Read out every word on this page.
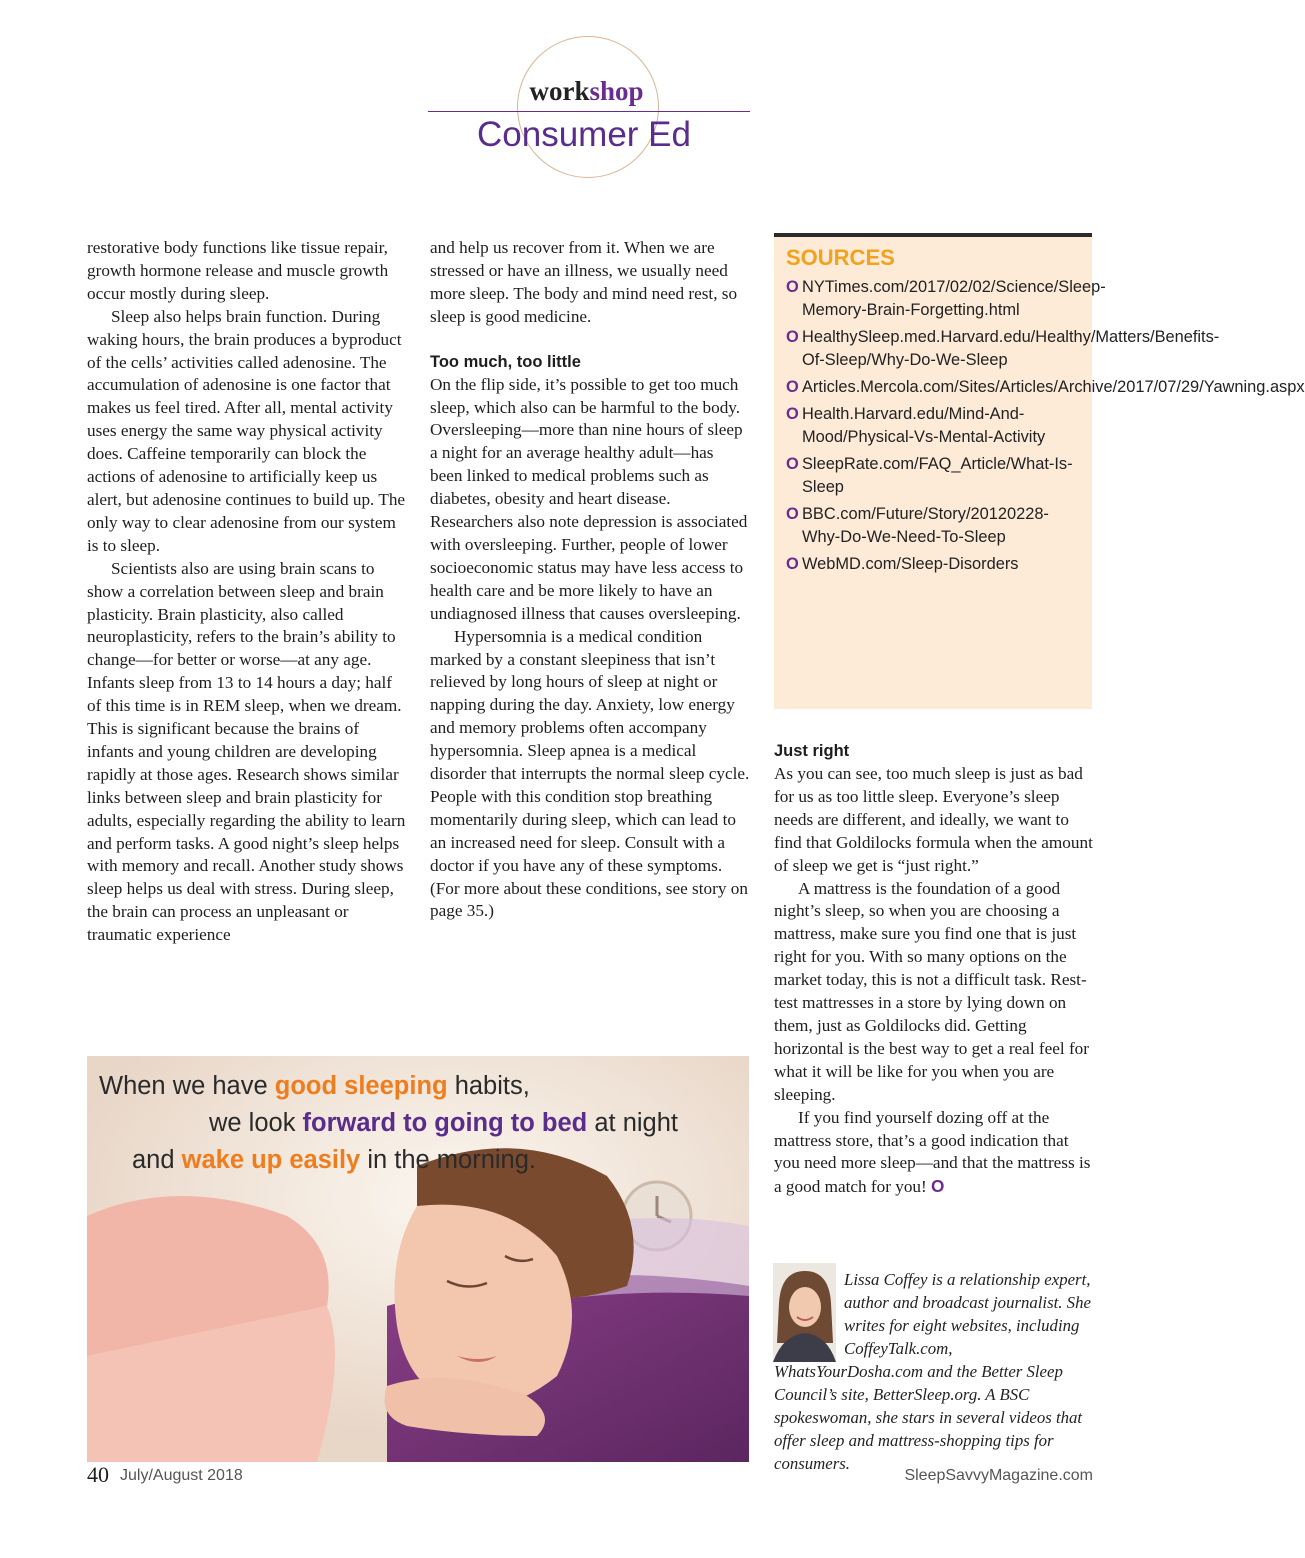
workshop
Consumer Ed

restorative body functions like tissue repair, growth hormone release and muscle growth occur mostly during sleep.

Sleep also helps brain function. During waking hours, the brain produces a byproduct of the cells’ activities called adenosine. The accumulation of adenosine is one factor that makes us feel tired. After all, mental activity uses energy the same way physical activity does. Caffeine temporarily can block the actions of adenosine to artificially keep us alert, but adenosine continues to build up. The only way to clear adenosine from our system is to sleep.

Scientists also are using brain scans to show a correlation between sleep and brain plasticity. Brain plasticity, also called neuroplasticity, refers to the brain’s ability to change—for better or worse—at any age. Infants sleep from 13 to 14 hours a day; half of this time is in REM sleep, when we dream. This is significant because the brains of infants and young children are developing rapidly at those ages. Research shows similar links between sleep and brain plasticity for adults, especially regarding the ability to learn and perform tasks. A good night’s sleep helps with memory and recall. Another study shows sleep helps us deal with stress. During sleep, the brain can process an unpleasant or traumatic experience

and help us recover from it. When we are stressed or have an illness, we usually need more sleep. The body and mind need rest, so sleep is good medicine.

Too much, too little

On the flip side, it’s possible to get too much sleep, which also can be harmful to the body. Oversleeping—more than nine hours of sleep a night for an average healthy adult—has been linked to medical problems such as diabetes, obesity and heart disease. Researchers also note depression is associated with oversleeping. Further, people of lower socioeconomic status may have less access to health care and be more likely to have an undiagnosed illness that causes oversleeping.

Hypersomnia is a medical condition marked by a constant sleepiness that isn’t relieved by long hours of sleep at night or napping during the day. Anxiety, low energy and memory problems often accompany hypersomnia. Sleep apnea is a medical disorder that interrupts the normal sleep cycle. People with this condition stop breathing momentarily during sleep, which can lead to an increased need for sleep. Consult with a doctor if you have any of these symptoms. (For more about these conditions, see story on page 35.)

SOURCES
O NYTimes.com/2017/02/02/Science/Sleep-Memory-Brain-Forgetting.html
O HealthySleep.med.Harvard.edu/Healthy/Matters/Benefits-Of-Sleep/Why-Do-We-Sleep
O Articles.Mercola.com/Sites/Articles/Archive/2017/07/29/Yawning.aspx
O Health.Harvard.edu/Mind-And-Mood/Physical-Vs-Mental-Activity
O SleepRate.com/FAQ_Article/What-Is-Sleep
O BBC.com/Future/Story/20120228-Why-Do-We-Need-To-Sleep
O WebMD.com/Sleep-Disorders
Just right

As you can see, too much sleep is just as bad for us as too little sleep. Everyone’s sleep needs are different, and ideally, we want to find that Goldilocks formula when the amount of sleep we get is “just right.”

A mattress is the foundation of a good night’s sleep, so when you are choosing a mattress, make sure you find one that is just right for you. With so many options on the market today, this is not a difficult task. Rest-test mattresses in a store by lying down on them, just as Goldilocks did. Getting horizontal is the best way to get a real feel for what it will be like for you when you are sleeping.

If you find yourself dozing off at the mattress store, that’s a good indication that you need more sleep—and that the mattress is a good match for you! O

When we have good sleeping habits,
we look forward to going to bed at night
and wake up easily in the morning.
Lissa Coffey is a relationship expert, author and broadcast journalist. She writes for eight websites, including CoffeyTalk.com, WhatsYourDosha.com and the Better Sleep Council’s site, BetterSleep.org. A BSC spokeswoman, she stars in several videos that offer sleep and mattress-shopping tips for consumers.
40 July/August 2018	SleepSavvyMagazine.com
